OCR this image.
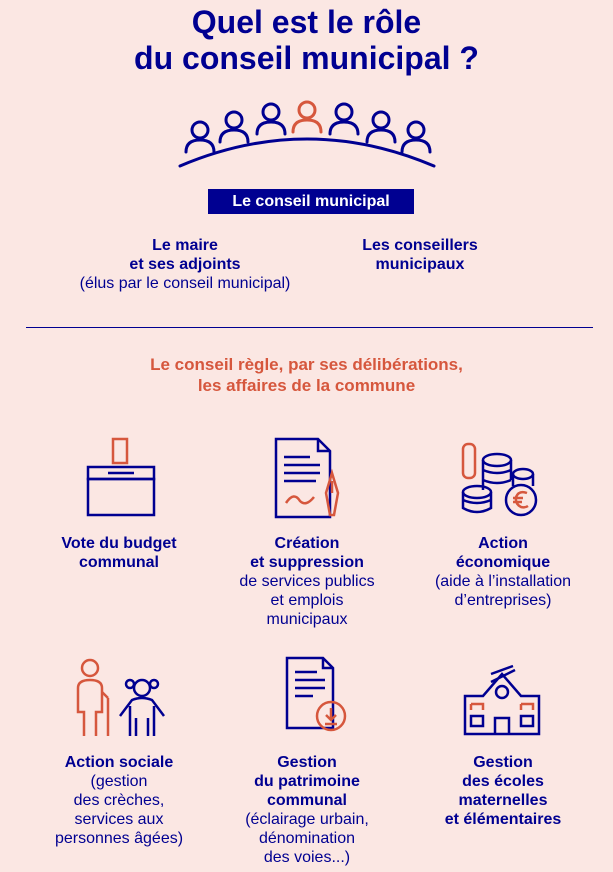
Quel est le rôle
du conseil municipal ?
Le conseil municipal
Le maire
et ses adjoints
(élus par le conseil municipal)
Les conseillers
municipaux
Le conseil règle, par ses délibérations,
les affaires de la commune
Vote du budget
communal
Création
et suppression
de services publics
et emplois
municipaux
Action
économique
(aide à l’installation
d’entreprises)
Action sociale
(gestion
des crèches,
services aux
personnes âgées)
Gestion
du patrimoine
communal
(éclairage urbain,
dénomination
des voies...)
Gestion
des écoles
maternelles
et élémentaires
